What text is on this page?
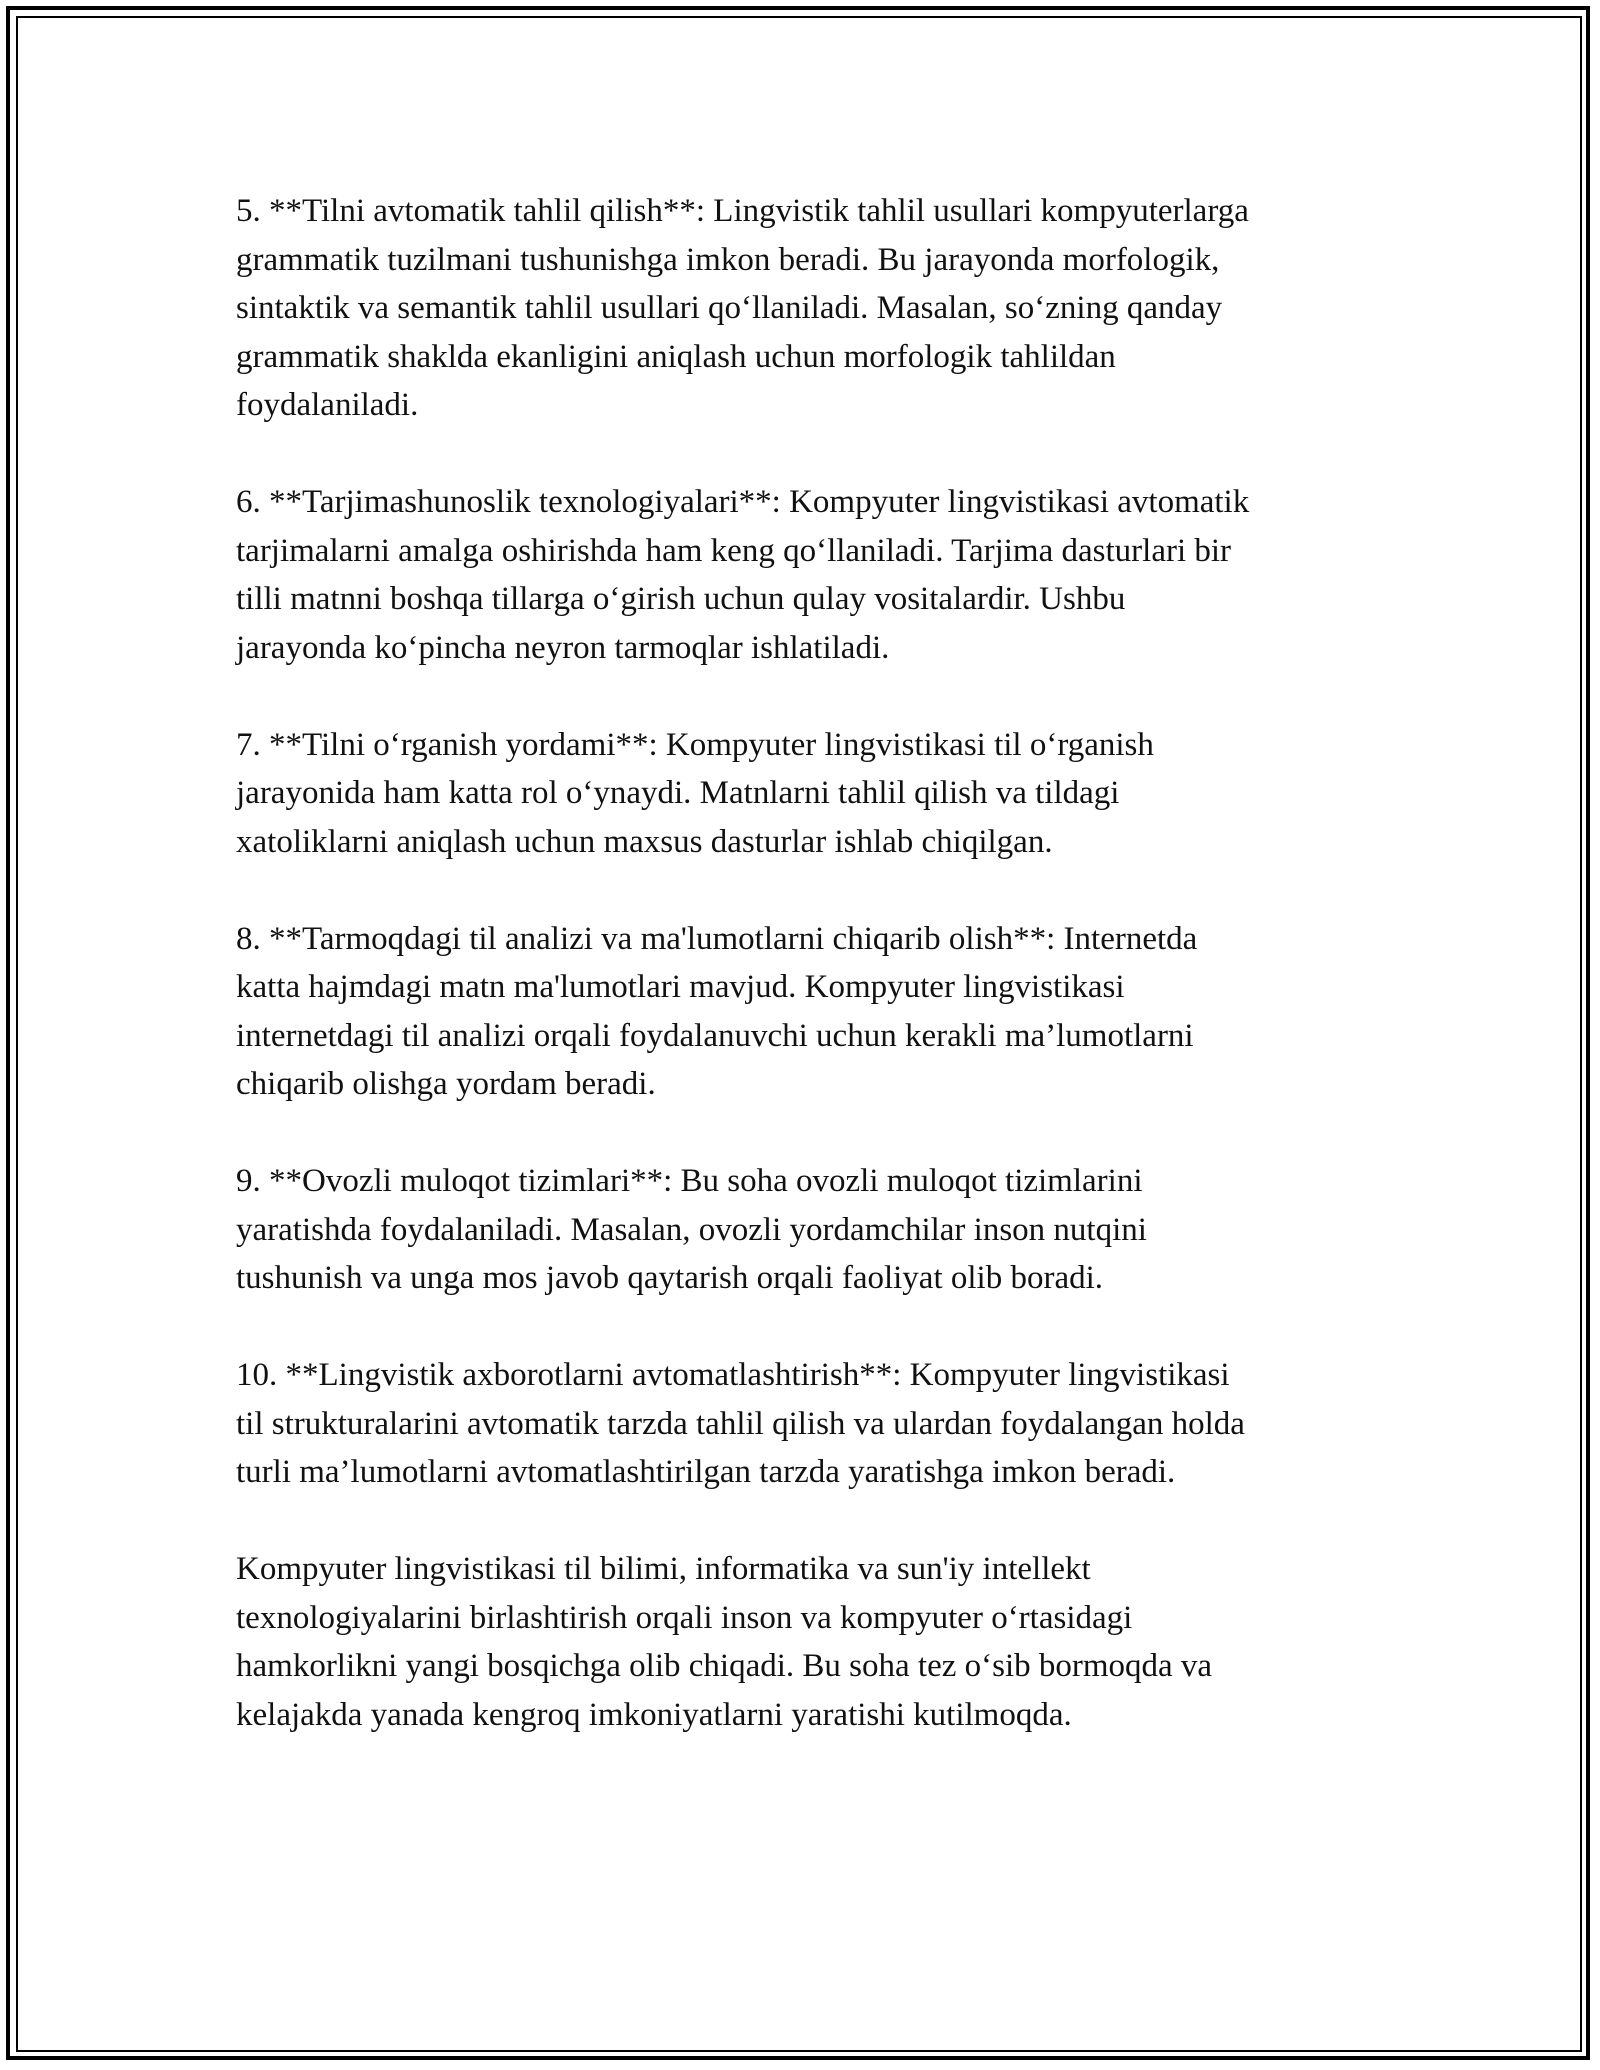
5. **Tilni avtomatik tahlil qilish**: Lingvistik tahlil usullari kompyuterlarga
grammatik tuzilmani tushunishga imkon beradi. Bu jarayonda morfologik,
sintaktik va semantik tahlil usullari qo‘llaniladi. Masalan, so‘zning qanday
grammatik shaklda ekanligini aniqlash uchun morfologik tahlildan
foydalaniladi.

6. **Tarjimashunoslik texnologiyalari**: Kompyuter lingvistikasi avtomatik
tarjimalarni amalga oshirishda ham keng qo‘llaniladi. Tarjima dasturlari bir
tilli matnni boshqa tillarga o‘girish uchun qulay vositalardir. Ushbu
jarayonda ko‘pincha neyron tarmoqlar ishlatiladi.

7. **Tilni o‘rganish yordami**: Kompyuter lingvistikasi til o‘rganish
jarayonida ham katta rol o‘ynaydi. Matnlarni tahlil qilish va tildagi
xatoliklarni aniqlash uchun maxsus dasturlar ishlab chiqilgan.

8. **Tarmoqdagi til analizi va ma'lumotlarni chiqarib olish**: Internetda
katta hajmdagi matn ma'lumotlari mavjud. Kompyuter lingvistikasi
internetdagi til analizi orqali foydalanuvchi uchun kerakli ma’lumotlarni
chiqarib olishga yordam beradi.

9. **Ovozli muloqot tizimlari**: Bu soha ovozli muloqot tizimlarini
yaratishda foydalaniladi. Masalan, ovozli yordamchilar inson nutqini
tushunish va unga mos javob qaytarish orqali faoliyat olib boradi.

10. **Lingvistik axborotlarni avtomatlashtirish**: Kompyuter lingvistikasi
til strukturalarini avtomatik tarzda tahlil qilish va ulardan foydalangan holda
turli ma’lumotlarni avtomatlashtirilgan tarzda yaratishga imkon beradi.

Kompyuter lingvistikasi til bilimi, informatika va sun'iy intellekt
texnologiyalarini birlashtirish orqali inson va kompyuter o‘rtasidagi
hamkorlikni yangi bosqichga olib chiqadi. Bu soha tez o‘sib bormoqda va
kelajakda yanada kengroq imkoniyatlarni yaratishi kutilmoqda.
